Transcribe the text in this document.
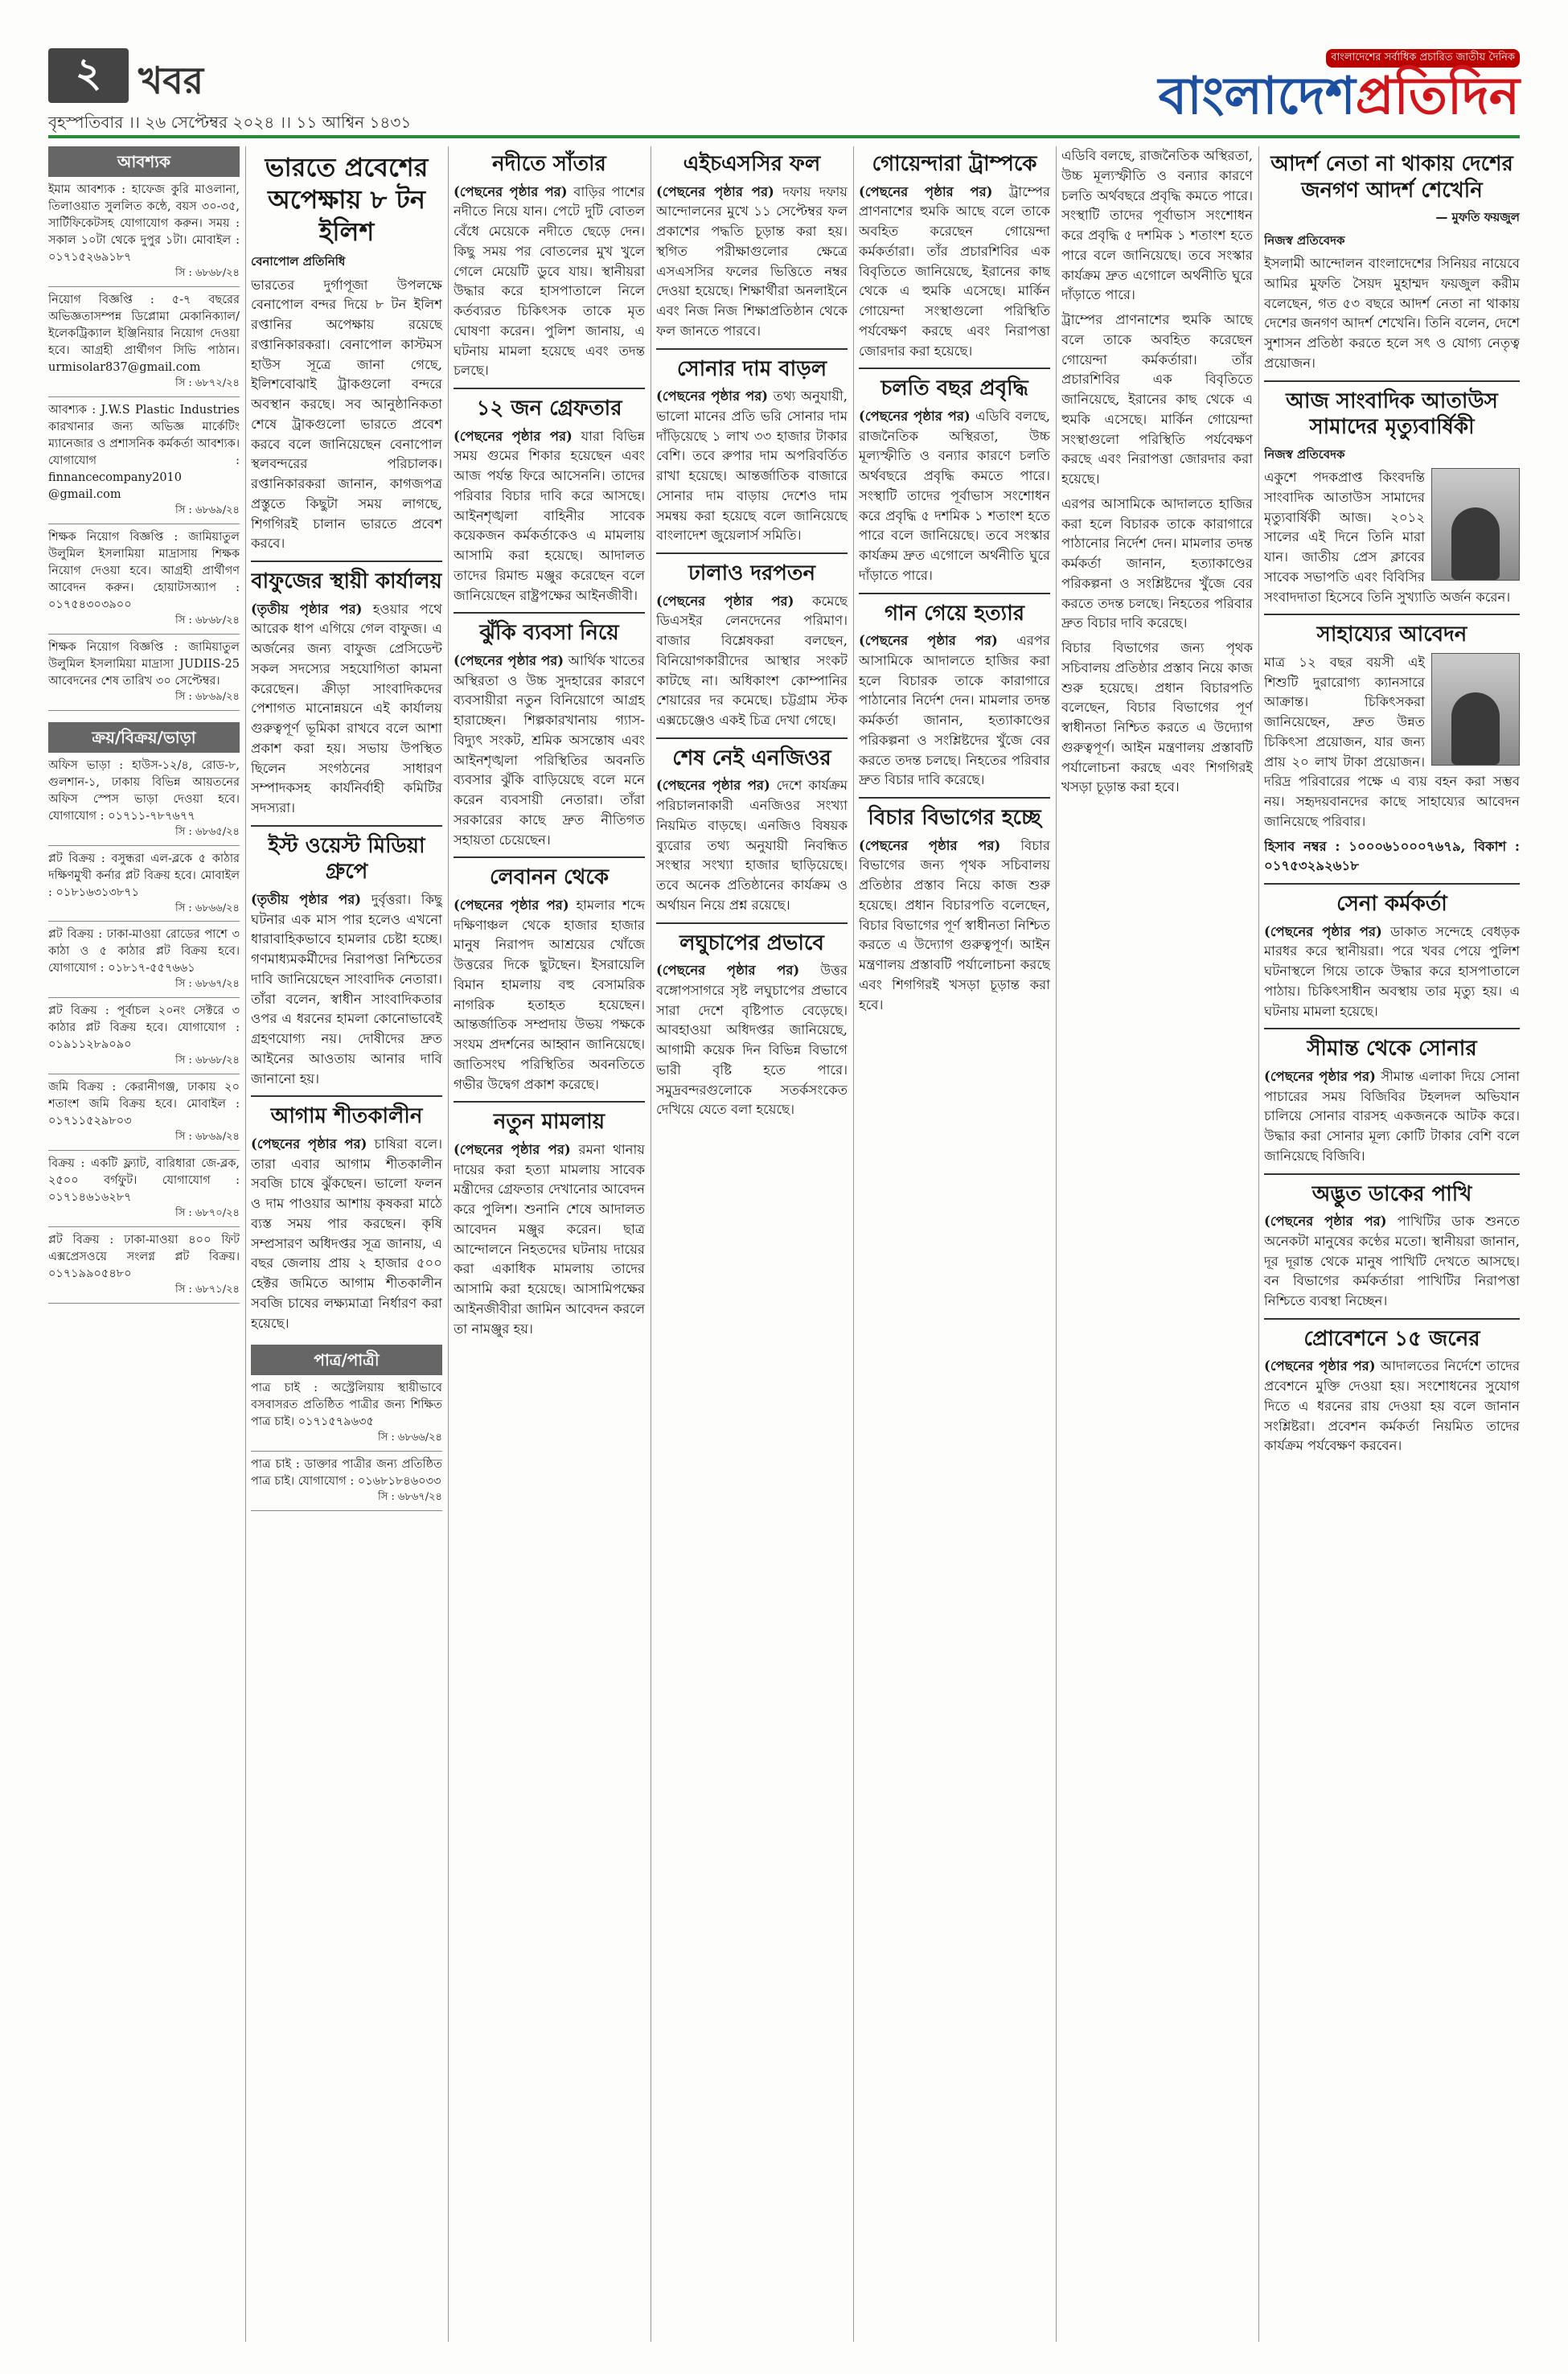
২ খবর
বৃহস্পতিবার ।। ২৬ সেপ্টেম্বর ২০২৪ ।। ১১ আশ্বিন ১৪৩১
বাংলাদেশের সর্বাধিক প্রচারিত জাতীয় দৈনিক
বাংলাদেশপ্রতিদিন
আবশ্যক
ইমাম আবশ্যক : হাফেজ কুরি মাওলানা, তিলাওয়াত সুললিত কন্ঠে, বয়স ৩০-৩৫, সার্টিফিকেটসহ যোগাযোগ করুন। সময় : সকাল ১০টা থেকে দুপুর ১টা। মোবাইল : ০১৭১৫২৬৯১৮৭
সি : ৬৮৬৮/২৪
নিয়োগ বিজ্ঞপ্তি : ৫-৭ বছরের অভিজ্ঞতাসম্পন্ন ডিপ্লোমা মেকানিক্যাল/ইলেকট্রিক্যাল ইঞ্জিনিয়ার নিয়োগ দেওয়া হবে। আগ্রহী প্রার্থীগণ সিভি পাঠান। urmisolar837@gmail.com
সি : ৬৮৭২/২৪
আবশ্যক : J.W.S Plastic Industries কারখানার জন্য অভিজ্ঞ মার্কেটিং ম্যানেজার ও প্রশাসনিক কর্মকর্তা আবশ্যক। যোগাযোগ : finnancecompany2010 @gmail.com
সি : ৬৮৬৯/২৪
শিক্ষক নিয়োগ বিজ্ঞপ্তি : জামিয়াতুল উলুমিল ইসলামিয়া মাদ্রাসায় শিক্ষক নিয়োগ দেওয়া হবে। আগ্রহী প্রার্থীগণ আবেদন করুন। হোয়াটসঅ্যাপ : ০১৭৫৪৩০৩৯০০
সি : ৬৮৬৮/২৪
শিক্ষক নিয়োগ বিজ্ঞপ্তি : জামিয়াতুল উলুমিল ইসলামিয়া মাদ্রাসা JUDIIS-25 আবেদনের শেষ তারিখ ৩০ সেপ্টেম্বর।
সি : ৬৮৬৯/২৪
ক্রয়/বিক্রয়/ভাড়া
অফিস ভাড়া : হাউস-১২/৪, রোড-৮, গুলশান-১, ঢাকায় বিভিন্ন আয়তনের অফিস স্পেস ভাড়া দেওয়া হবে। যোগাযোগ : ০১৭১১-৭৮৭৬৭৭
সি : ৬৮৬৫/২৪
প্লট বিক্রয় : বসুন্ধরা এল-ব্লকে ৫ কাঠার দক্ষিণমুখী কর্নার প্লট বিক্রয় হবে। মোবাইল : ০১৮১৬৩১৩৮৭১
সি : ৬৮৬৬/২৪
প্লট বিক্রয় : ঢাকা-মাওয়া রোডের পাশে ৩ কাঠা ও ৫ কাঠার প্লট বিক্রয় হবে। যোগাযোগ : ০১৮১৭-৫৫৭৬৬১
সি : ৬৮৬৭/২৪
প্লট বিক্রয় : পূর্বাচল ২০নং সেক্টরে ৩ কাঠার প্লট বিক্রয় হবে। যোগাযোগ : ০১৯১১২৮৯০৯০
সি : ৬৮৬৮/২৪
জমি বিক্রয় : কেরানীগঞ্জ, ঢাকায় ২০ শতাংশ জমি বিক্রয় হবে। মোবাইল : ০১৭১১৫২৯৮০৩
সি : ৬৮৬৯/২৪
বিক্রয় : একটি ফ্ল্যাট, বারিধারা জে-ব্লক, ২৫০০ বর্গফুট। যোগাযোগ : ০১৭১৪৬১৬২৮৭
সি : ৬৮৭০/২৪
প্লট বিক্রয় : ঢাকা-মাওয়া ৪০০ ফিট এক্সপ্রেসওয়ে সংলগ্ন প্লট বিক্রয়। ০১৭১৯৯০৫৪৮০
সি : ৬৮৭১/২৪
ভারতে প্রবেশের অপেক্ষায় ৮ টন ইলিশ
বেনাপোল প্রতিনিধি

ভারতের দুর্গাপূজা উপলক্ষে বেনাপোল বন্দর দিয়ে ৮ টন ইলিশ রপ্তানির অপেক্ষায় রয়েছে রপ্তানিকারকরা। বেনাপোল কাস্টমস হাউস সূত্রে জানা গেছে, ইলিশবোঝাই ট্রাকগুলো বন্দরে অবস্থান করছে। সব আনুষ্ঠানিকতা শেষে ট্রাকগুলো ভারতে প্রবেশ করবে বলে জানিয়েছেন বেনাপোল স্থলবন্দরের পরিচালক। রপ্তানিকারকরা জানান, কাগজপত্র প্রস্তুতে কিছুটা সময় লাগছে, শিগগিরই চালান ভারতে প্রবেশ করবে।

বাফুজের স্থায়ী কার্যালয়

(তৃতীয় পৃষ্ঠার পর) হওয়ার পথে আরেক ধাপ এগিয়ে গেল বাফুজ। এ অর্জনের জন্য বাফুজ প্রেসিডেন্ট সকল সদস্যের সহযোগিতা কামনা করেছেন। ক্রীড়া সাংবাদিকদের পেশাগত মানোন্নয়নে এই কার্যালয় গুরুত্বপূর্ণ ভূমিকা রাখবে বলে আশা প্রকাশ করা হয়। সভায় উপস্থিত ছিলেন সংগঠনের সাধারণ সম্পাদকসহ কার্যনির্বাহী কমিটির সদস্যরা।

ইস্ট ওয়েস্ট মিডিয়া গ্রুপে

(তৃতীয় পৃষ্ঠার পর) দুর্বৃত্তরা। কিছু ঘটনার এক মাস পার হলেও এখনো ধারাবাহিকভাবে হামলার চেষ্টা হচ্ছে। গণমাধ্যমকর্মীদের নিরাপত্তা নিশ্চিতের দাবি জানিয়েছেন সাংবাদিক নেতারা। তাঁরা বলেন, স্বাধীন সাংবাদিকতার ওপর এ ধরনের হামলা কোনোভাবেই গ্রহণযোগ্য নয়। দোষীদের দ্রুত আইনের আওতায় আনার দাবি জানানো হয়।

আগাম শীতকালীন

(পেছনের পৃষ্ঠার পর) চাষিরা বলে। তারা এবার আগাম শীতকালীন সবজি চাষে ঝুঁকছেন। ভালো ফলন ও দাম পাওয়ার আশায় কৃষকরা মাঠে ব্যস্ত সময় পার করছেন। কৃষি সম্প্রসারণ অধিদপ্তর সূত্র জানায়, এ বছর জেলায় প্রায় ২ হাজার ৫০০ হেক্টর জমিতে আগাম শীতকালীন সবজি চাষের লক্ষ্যমাত্রা নির্ধারণ করা হয়েছে।

পাত্র/পাত্রী
পাত্র চাই : অস্ট্রেলিয়ায় স্থায়ীভাবে বসবাসরত প্রতিষ্ঠিত পাত্রীর জন্য শিক্ষিত পাত্র চাই। ০১৭১৫৭৯৬৩৫
সি : ৬৮৬৬/২৪
পাত্র চাই : ডাক্তার পাত্রীর জন্য প্রতিষ্ঠিত পাত্র চাই। যোগাযোগ : ০১৬৮১৮৪৬০৩৩
সি : ৬৮৬৭/২৪
নদীতে সাঁতার

(পেছনের পৃষ্ঠার পর) বাড়ির পাশের নদীতে নিয়ে যান। পেটে দুটি বোতল বেঁধে মেয়েকে নদীতে ছেড়ে দেন। কিছু সময় পর বোতলের মুখ খুলে গেলে মেয়েটি ডুবে যায়। স্থানীয়রা উদ্ধার করে হাসপাতালে নিলে কর্তব্যরত চিকিৎসক তাকে মৃত ঘোষণা করেন। পুলিশ জানায়, এ ঘটনায় মামলা হয়েছে এবং তদন্ত চলছে।

১২ জন গ্রেফতার

(পেছনের পৃষ্ঠার পর) যারা বিভিন্ন সময় গুমের শিকার হয়েছেন এবং আজ পর্যন্ত ফিরে আসেননি। তাদের পরিবার বিচার দাবি করে আসছে। আইনশৃঙ্খলা বাহিনীর সাবেক কয়েকজন কর্মকর্তাকেও এ মামলায় আসামি করা হয়েছে। আদালত তাদের রিমান্ড মঞ্জুর করেছেন বলে জানিয়েছেন রাষ্ট্রপক্ষের আইনজীবী।

ঝুঁকি ব্যবসা নিয়ে

(পেছনের পৃষ্ঠার পর) আর্থিক খাতের অস্থিরতা ও উচ্চ সুদহারের কারণে ব্যবসায়ীরা নতুন বিনিয়োগে আগ্রহ হারাচ্ছেন। শিল্পকারখানায় গ্যাস-বিদ্যুৎ সংকট, শ্রমিক অসন্তোষ এবং আইনশৃঙ্খলা পরিস্থিতির অবনতি ব্যবসার ঝুঁকি বাড়িয়েছে বলে মনে করেন ব্যবসায়ী নেতারা। তাঁরা সরকারের কাছে দ্রুত নীতিগত সহায়তা চেয়েছেন।

লেবানন থেকে

(পেছনের পৃষ্ঠার পর) হামলার শব্দে দক্ষিণাঞ্চল থেকে হাজার হাজার মানুষ নিরাপদ আশ্রয়ের খোঁজে উত্তরের দিকে ছুটছেন। ইসরায়েলি বিমান হামলায় বহু বেসামরিক নাগরিক হতাহত হয়েছেন। আন্তর্জাতিক সম্প্রদায় উভয় পক্ষকে সংযম প্রদর্শনের আহ্বান জানিয়েছে। জাতিসংঘ পরিস্থিতির অবনতিতে গভীর উদ্বেগ প্রকাশ করেছে।

নতুন মামলায়

(পেছনের পৃষ্ঠার পর) রমনা থানায় দায়ের করা হত্যা মামলায় সাবেক মন্ত্রীদের গ্রেফতার দেখানোর আবেদন করে পুলিশ। শুনানি শেষে আদালত আবেদন মঞ্জুর করেন। ছাত্র আন্দোলনে নিহতদের ঘটনায় দায়ের করা একাধিক মামলায় তাদের আসামি করা হয়েছে। আসামিপক্ষের আইনজীবীরা জামিন আবেদন করলে তা নামঞ্জুর হয়।

এইচএসসির ফল

(পেছনের পৃষ্ঠার পর) দফায় দফায় আন্দোলনের মুখে ১১ সেপ্টেম্বর ফল প্রকাশের পদ্ধতি চূড়ান্ত করা হয়। স্থগিত পরীক্ষাগুলোর ক্ষেত্রে এসএসসির ফলের ভিত্তিতে নম্বর দেওয়া হয়েছে। শিক্ষার্থীরা অনলাইনে এবং নিজ নিজ শিক্ষাপ্রতিষ্ঠান থেকে ফল জানতে পারবে।

সোনার দাম বাড়ল

(পেছনের পৃষ্ঠার পর) তথ্য অনুযায়ী, ভালো মানের প্রতি ভরি সোনার দাম দাঁড়িয়েছে ১ লাখ ৩৩ হাজার টাকার বেশি। তবে রুপার দাম অপরিবর্তিত রাখা হয়েছে। আন্তর্জাতিক বাজারে সোনার দাম বাড়ায় দেশেও দাম সমন্বয় করা হয়েছে বলে জানিয়েছে বাংলাদেশ জুয়েলার্স সমিতি।

ঢালাও দরপতন

(পেছনের পৃষ্ঠার পর) কমেছে ডিএসইর লেনদেনের পরিমাণ। বাজার বিশ্লেষকরা বলছেন, বিনিয়োগকারীদের আস্থার সংকট কাটছে না। অধিকাংশ কোম্পানির শেয়ারের দর কমেছে। চট্টগ্রাম স্টক এক্সচেঞ্জেও একই চিত্র দেখা গেছে।

শেষ নেই এনজিওর

(পেছনের পৃষ্ঠার পর) দেশে কার্যক্রম পরিচালনাকারী এনজিওর সংখ্যা নিয়মিত বাড়ছে। এনজিও বিষয়ক ব্যুরোর তথ্য অনুযায়ী নিবন্ধিত সংস্থার সংখ্যা হাজার ছাড়িয়েছে। তবে অনেক প্রতিষ্ঠানের কার্যক্রম ও অর্থায়ন নিয়ে প্রশ্ন রয়েছে।

লঘুচাপের প্রভাবে

(পেছনের পৃষ্ঠার পর) উত্তর বঙ্গোপসাগরে সৃষ্ট লঘুচাপের প্রভাবে সারা দেশে বৃষ্টিপাত বেড়েছে। আবহাওয়া অধিদপ্তর জানিয়েছে, আগামী কয়েক দিন বিভিন্ন বিভাগে ভারী বৃষ্টি হতে পারে। সমুদ্রবন্দরগুলোকে সতর্কসংকেত দেখিয়ে যেতে বলা হয়েছে।

গোয়েন্দারা ট্রাম্পকে

(পেছনের পৃষ্ঠার পর) ট্রাম্পের প্রাণনাশের হুমকি আছে বলে তাকে অবহিত করেছেন গোয়েন্দা কর্মকর্তারা। তাঁর প্রচারশিবির এক বিবৃতিতে জানিয়েছে, ইরানের কাছ থেকে এ হুমকি এসেছে। মার্কিন গোয়েন্দা সংস্থাগুলো পরিস্থিতি পর্যবেক্ষণ করছে এবং নিরাপত্তা জোরদার করা হয়েছে।

চলতি বছর প্রবৃদ্ধি

(পেছনের পৃষ্ঠার পর) এডিবি বলছে, রাজনৈতিক অস্থিরতা, উচ্চ মূল্যস্ফীতি ও বন্যার কারণে চলতি অর্থবছরে প্রবৃদ্ধি কমতে পারে। সংস্থাটি তাদের পূর্বাভাস সংশোধন করে প্রবৃদ্ধি ৫ দশমিক ১ শতাংশ হতে পারে বলে জানিয়েছে। তবে সংস্কার কার্যক্রম দ্রুত এগোলে অর্থনীতি ঘুরে দাঁড়াতে পারে।

গান গেয়ে হত্যার

(পেছনের পৃষ্ঠার পর) এরপর আসামিকে আদালতে হাজির করা হলে বিচারক তাকে কারাগারে পাঠানোর নির্দেশ দেন। মামলার তদন্ত কর্মকর্তা জানান, হত্যাকাণ্ডের পরিকল্পনা ও সংশ্লিষ্টদের খুঁজে বের করতে তদন্ত চলছে। নিহতের পরিবার দ্রুত বিচার দাবি করেছে।

বিচার বিভাগের হচ্ছে

(পেছনের পৃষ্ঠার পর) বিচার বিভাগের জন্য পৃথক সচিবালয় প্রতিষ্ঠার প্রস্তাব নিয়ে কাজ শুরু হয়েছে। প্রধান বিচারপতি বলেছেন, বিচার বিভাগের পূর্ণ স্বাধীনতা নিশ্চিত করতে এ উদ্যোগ গুরুত্বপূর্ণ। আইন মন্ত্রণালয় প্রস্তাবটি পর্যালোচনা করছে এবং শিগগিরই খসড়া চূড়ান্ত করা হবে।

এডিবি বলছে, রাজনৈতিক অস্থিরতা, উচ্চ মূল্যস্ফীতি ও বন্যার কারণে চলতি অর্থবছরে প্রবৃদ্ধি কমতে পারে। সংস্থাটি তাদের পূর্বাভাস সংশোধন করে প্রবৃদ্ধি ৫ দশমিক ১ শতাংশ হতে পারে বলে জানিয়েছে। তবে সংস্কার কার্যক্রম দ্রুত এগোলে অর্থনীতি ঘুরে দাঁড়াতে পারে।

ট্রাম্পের প্রাণনাশের হুমকি আছে বলে তাকে অবহিত করেছেন গোয়েন্দা কর্মকর্তারা। তাঁর প্রচারশিবির এক বিবৃতিতে জানিয়েছে, ইরানের কাছ থেকে এ হুমকি এসেছে। মার্কিন গোয়েন্দা সংস্থাগুলো পরিস্থিতি পর্যবেক্ষণ করছে এবং নিরাপত্তা জোরদার করা হয়েছে।

এরপর আসামিকে আদালতে হাজির করা হলে বিচারক তাকে কারাগারে পাঠানোর নির্দেশ দেন। মামলার তদন্ত কর্মকর্তা জানান, হত্যাকাণ্ডের পরিকল্পনা ও সংশ্লিষ্টদের খুঁজে বের করতে তদন্ত চলছে। নিহতের পরিবার দ্রুত বিচার দাবি করেছে।

বিচার বিভাগের জন্য পৃথক সচিবালয় প্রতিষ্ঠার প্রস্তাব নিয়ে কাজ শুরু হয়েছে। প্রধান বিচারপতি বলেছেন, বিচার বিভাগের পূর্ণ স্বাধীনতা নিশ্চিত করতে এ উদ্যোগ গুরুত্বপূর্ণ। আইন মন্ত্রণালয় প্রস্তাবটি পর্যালোচনা করছে এবং শিগগিরই খসড়া চূড়ান্ত করা হবে।

আদর্শ নেতা না থাকায় দেশের জনগণ আদর্শ শেখেনি
— মুফতি ফয়জুল
নিজস্ব প্রতিবেদক

ইসলামী আন্দোলন বাংলাদেশের সিনিয়র নায়েবে আমির মুফতি সৈয়দ মুহাম্মদ ফয়জুল করীম বলেছেন, গত ৫৩ বছরে আদর্শ নেতা না থাকায় দেশের জনগণ আদর্শ শেখেনি। তিনি বলেন, দেশে সুশাসন প্রতিষ্ঠা করতে হলে সৎ ও যোগ্য নেতৃত্ব প্রয়োজন।

আজ সাংবাদিক আতাউস সামাদের মৃত্যুবার্ষিকী
নিজস্ব প্রতিবেদক

একুশে পদকপ্রাপ্ত কিংবদন্তি সাংবাদিক আতাউস সামাদের মৃত্যুবার্ষিকী আজ। ২০১২ সালের এই দিনে তিনি মারা যান। জাতীয় প্রেস ক্লাবের সাবেক সভাপতি এবং বিবিসির সংবাদদাতা হিসেবে তিনি সুখ্যাতি অর্জন করেন।

সাহায্যের আবেদন

মাত্র ১২ বছর বয়সী এই শিশুটি দুরারোগ্য ক্যানসারে আক্রান্ত। চিকিৎসকরা জানিয়েছেন, দ্রুত উন্নত চিকিৎসা প্রয়োজন, যার জন্য প্রায় ২০ লাখ টাকা প্রয়োজন। দরিদ্র পরিবারের পক্ষে এ ব্যয় বহন করা সম্ভব নয়। সহৃদয়বানদের কাছে সাহায্যের আবেদন জানিয়েছে পরিবার।

হিসাব নম্বর : ১০০০৬১০০০৭৬৭৯, বিকাশ : ০১৭৫৩২৯২৬১৮

সেনা কর্মকর্তা

(পেছনের পৃষ্ঠার পর) ডাকাত সন্দেহে বেধড়ক মারধর করে স্থানীয়রা। পরে খবর পেয়ে পুলিশ ঘটনাস্থলে গিয়ে তাকে উদ্ধার করে হাসপাতালে পাঠায়। চিকিৎসাধীন অবস্থায় তার মৃত্যু হয়। এ ঘটনায় মামলা হয়েছে।

সীমান্ত থেকে সোনার

(পেছনের পৃষ্ঠার পর) সীমান্ত এলাকা দিয়ে সোনা পাচারের সময় বিজিবির টহলদল অভিযান চালিয়ে সোনার বারসহ একজনকে আটক করে। উদ্ধার করা সোনার মূল্য কোটি টাকার বেশি বলে জানিয়েছে বিজিবি।

অদ্ভুত ডাকের পাখি

(পেছনের পৃষ্ঠার পর) পাখিটির ডাক শুনতে অনেকটা মানুষের কণ্ঠের মতো। স্থানীয়রা জানান, দূর দূরান্ত থেকে মানুষ পাখিটি দেখতে আসছে। বন বিভাগের কর্মকর্তারা পাখিটির নিরাপত্তা নিশ্চিতে ব্যবস্থা নিচ্ছেন।

প্রোবেশনে ১৫ জনের

(পেছনের পৃষ্ঠার পর) আদালতের নির্দেশে তাদের প্রবেশনে মুক্তি দেওয়া হয়। সংশোধনের সুযোগ দিতে এ ধরনের রায় দেওয়া হয় বলে জানান সংশ্লিষ্টরা। প্রবেশন কর্মকর্তা নিয়মিত তাদের কার্যক্রম পর্যবেক্ষণ করবেন।
